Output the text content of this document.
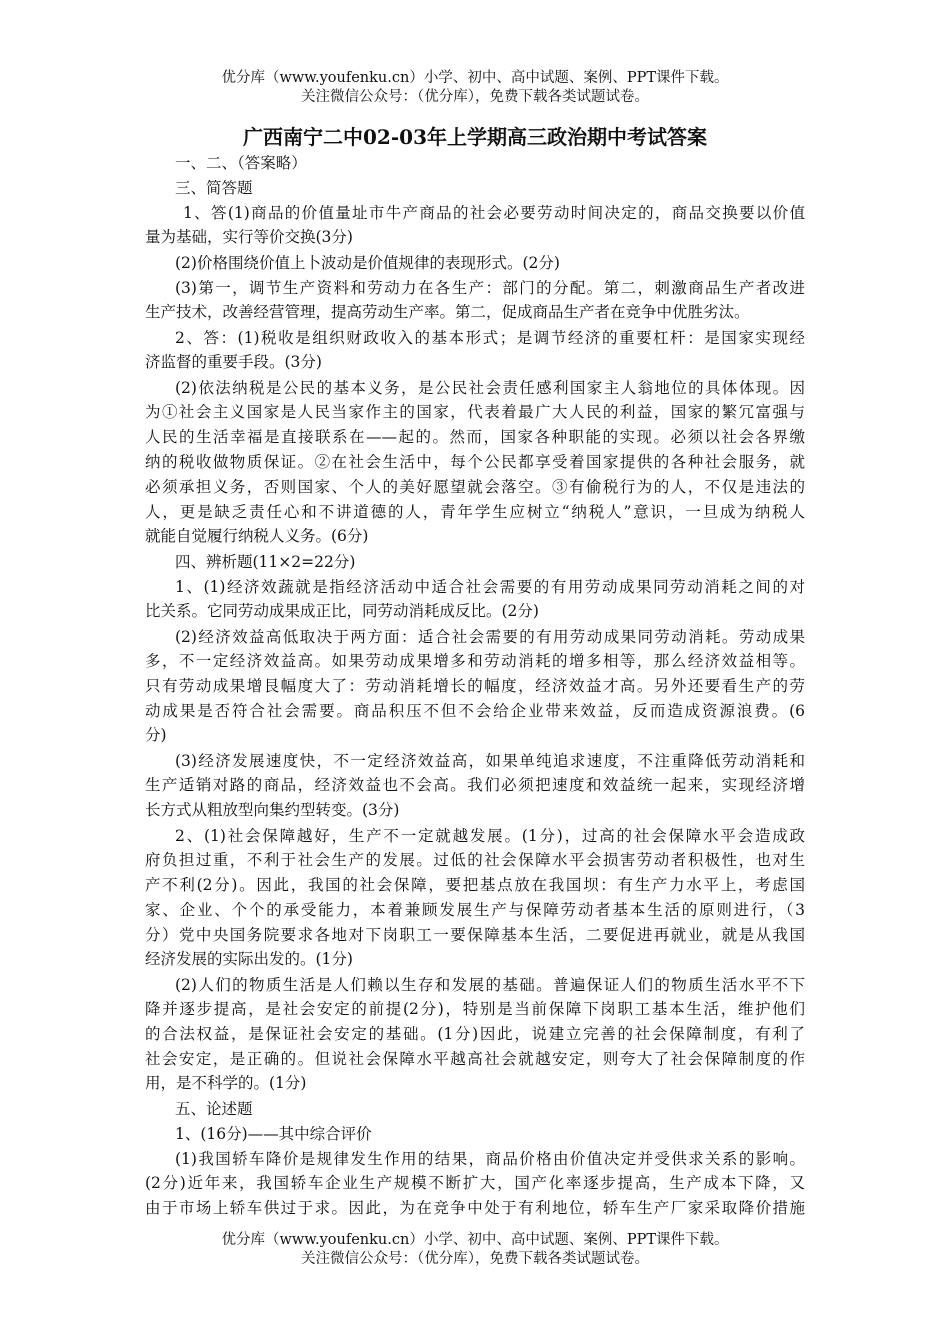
优分库（www.youfenku.cn）小学、初中、高中试题、案例、PPT课件下载。
关注微信公众号：（优分库），免费下载各类试题试卷。
广西南宁二中02-03年上学期高三政治期中考试答案
一、二、（答案略）
三、简答题
1、答(1)商品的价值量址市牛产商品的社会必要劳动时间决定的，商品交换要以价值
量为基础，实行等价交换(3分)
(2)价格围绕价值上卜波动是价值规律的表现形式。(2分)
(3)第一，调节生产资料和劳动力在各生产：部门的分配。第二，刺激商品生产者改进
生产技术，改善经营管理，提高劳动生产率。第二，促成商品生产者在竞争中优胜劣汰。
2、答：(1)税收是组织财政收入的基本形式；是调节经济的重要杠杆：是国家实现经
济监督的重要手段。(3分)
(2)依法纳税是公民的基本义务，是公民社会责任感利国家主人翁地位的具体体现。因
为①社会主义国家是人民当家作主的国家，代表着最广大人民的利益，国家的繁冗富强与
人民的生活幸福是直接联系在——起的。然而，国家各种职能的实现。必须以社会各界缴
纳的税收做物质保证。②在社会生活中，每个公民都享受着国家提供的各种社会服务，就
必须承担义务，否则国家、个人的美好愿望就会落空。③有偷税行为的人，不仅是违法的
人，更是缺乏责任心和不讲道德的人，青年学生应树立“纳税人”意识，一旦成为纳税人
就能自觉履行纳税人义务。(6分)
四、辨析题(11×2=22分)
1、(1)经济效蔬就是指经济活动中适合社会需要的有用劳动成果同劳动消耗之间的对
比关系。它同劳动成果成正比，同劳动消耗成反比。(2分)
(2)经济效益高低取决于两方面：适合社会需要的有用劳动成果同劳动消耗。劳动成果
多，不一定经济效益高。如果劳动成果增多和劳动消耗的增多相等，那么经济效益相等。
只有劳动成果增艮幅度大了：劳动消耗增长的幅度，经济效益才高。另外还要看生产的劳
动成果是否符合社会需要。商品积压不但不会给企业带来效益，反而造成资源浪费。(6
分)
(3)经济发展速度快，不一定经济效益高，如果单纯追求速度，不注重降低劳动消耗和
生产适销对路的商品，经济效益也不会高。我们必须把速度和效益统一起来，实现经济增
长方式从粗放型向集约型转变。(3分)
2、(1)社会保障越好，生产不一定就越发展。(1分)，过高的社会保障水平会造成政
府负担过重，不利于社会生产的发展。过低的社会保障水平会损害劳动者积极性，也对生
产不利(2分)。因此，我国的社会保障，要把基点放在我国坝：有生产力水平上，考虑国
家、企业、个个的承受能力，本着兼顾发展生产与保障劳动者基本生活的原则进行，（3
分）党中央国务院要求各地对下岗职工一要保障基本生活，二要促进再就业，就是从我国
经济发展的实际出发的。(1分)
(2)人们的物质生活是人们赖以生存和发展的基础。普遍保证人们的物质生活水平不下
降并逐步提高，是社会安定的前提(2分)，特别是当前保障下岗职工基本生活，维护他们
的合法权益，是保证社会安定的基础。(1分)因此，说建立完善的社会保障制度，有利了
社会安定，是正确的。但说社会保障水平越高社会就越安定，则夸大了社会保障制度的作
用，是不科学的。(1分)
五、论述题
1、(16分)——其中综合评价
(1)我国轿车降价是规律发生作用的结果，商品价格由价值决定并受供求关系的影响。
(2分)近年来，我国轿车企业生产规模不断扩大，国产化率逐步提高，生产成本下降，又
由于市场上轿车供过于求。因此，为在竞争中处于有利地位，轿车生产厂家采取降价措施
优分库（www.youfenku.cn）小学、初中、高中试题、案例、PPT课件下载。
关注微信公众号：（优分库），免费下载各类试题试卷。
